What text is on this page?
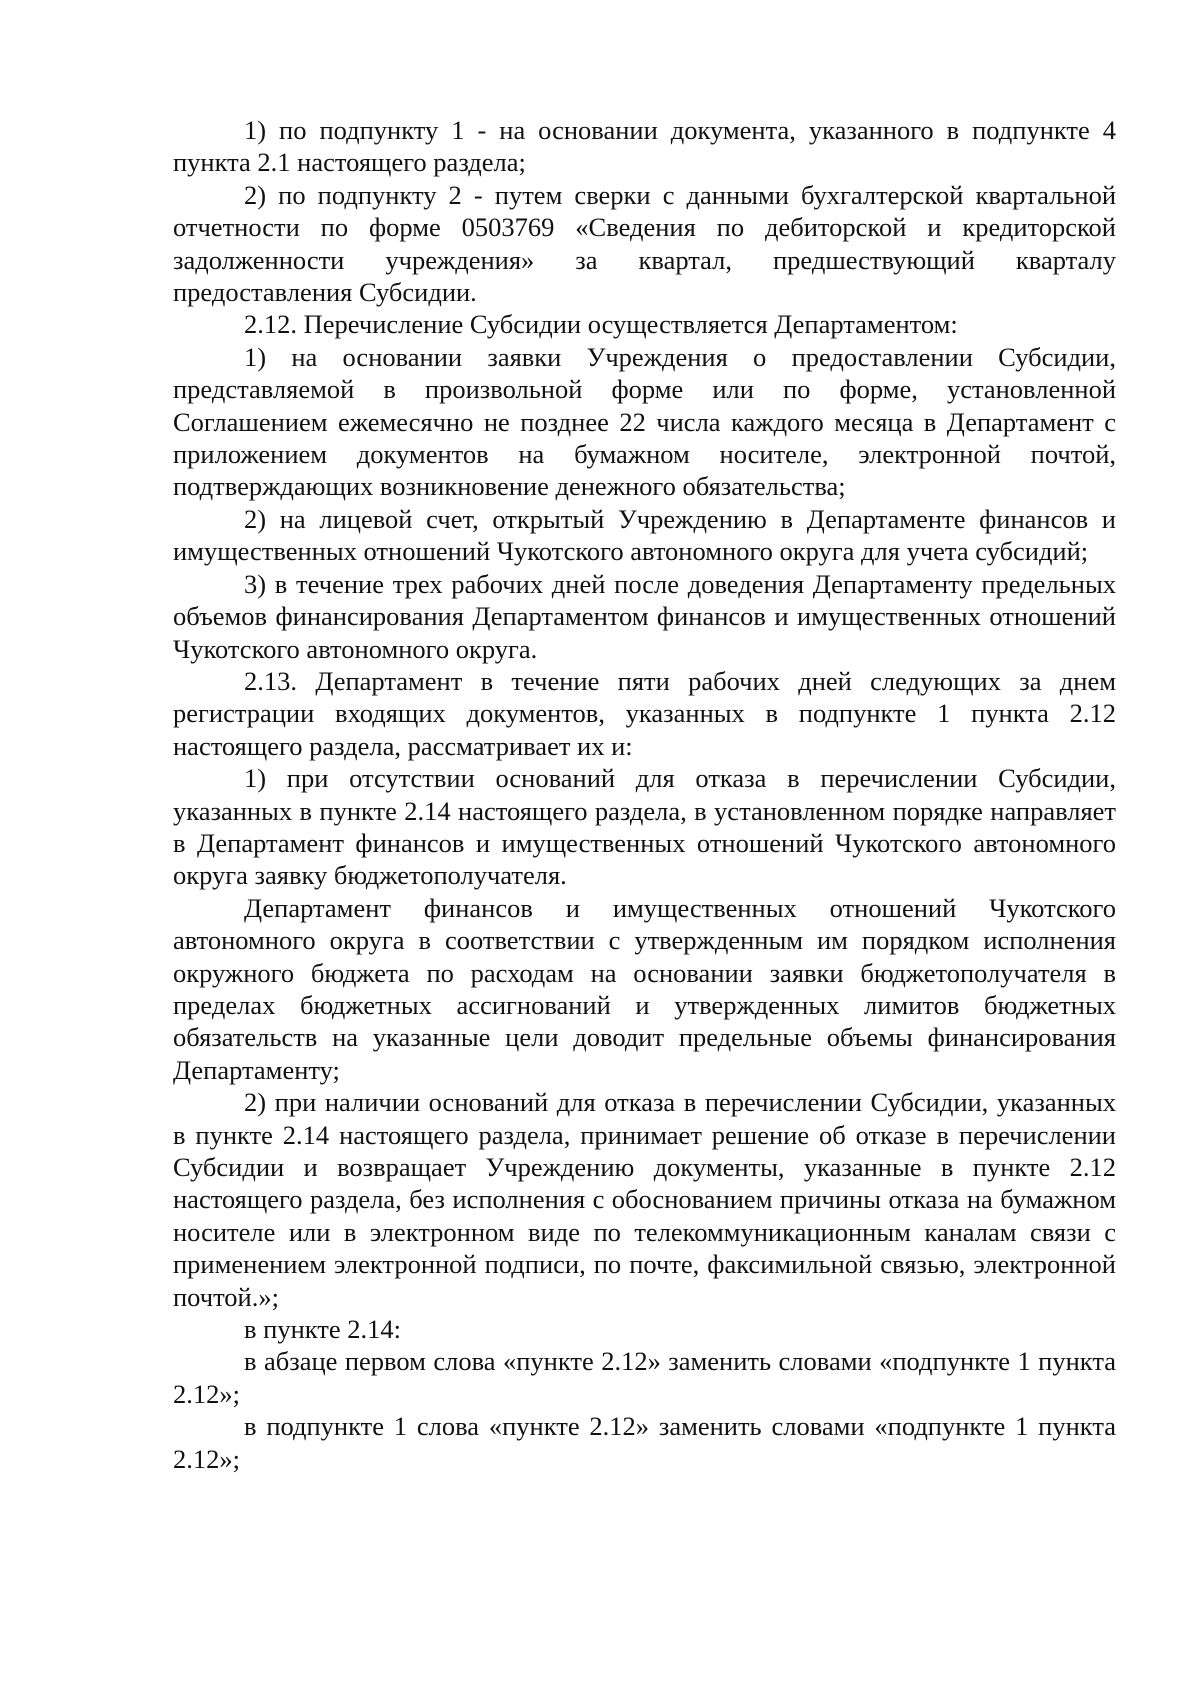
1) по подпункту 1 - на основании документа, указанного в подпункте 4 пункта 2.1 настоящего раздела;

2) по подпункту 2 - путем сверки с данными бухгалтерской квартальной отчетности по форме 0503769 «Сведения по дебиторской и кредиторской задолженности учреждения» за квартал, предшествующий кварталу предоставления Субсидии.

2.12. Перечисление Субсидии осуществляется Департаментом:

1) на основании заявки Учреждения о предоставлении Субсидии, представляемой в произвольной форме или по форме, установленной Соглашением ежемесячно не позднее 22 числа каждого месяца в Департамент с приложением документов на бумажном носителе, электронной почтой, подтверждающих возникновение денежного обязательства;

2) на лицевой счет, открытый Учреждению в Департаменте финансов и имущественных отношений Чукотского автономного округа для учета субсидий;

3) в течение трех рабочих дней после доведения Департаменту предельных объемов финансирования Департаментом финансов и имущественных отношений Чукотского автономного округа.

2.13. Департамент в течение пяти рабочих дней следующих за днем регистрации входящих документов, указанных в подпункте 1 пункта 2.12 настоящего раздела, рассматривает их и:

1) при отсутствии оснований для отказа в перечислении Субсидии, указанных в пункте 2.14 настоящего раздела, в установленном порядке направляет в Департамент финансов и имущественных отношений Чукотского автономного округа заявку бюджетополучателя.

Департамент финансов и имущественных отношений Чукотского автономного округа в соответствии с утвержденным им порядком исполнения окружного бюджета по расходам на основании заявки бюджетополучателя в пределах бюджетных ассигнований и утвержденных лимитов бюджетных обязательств на указанные цели доводит предельные объемы финансирования Департаменту;

2) при наличии оснований для отказа в перечислении Субсидии, указанных в пункте 2.14 настоящего раздела, принимает решение об отказе в перечислении Субсидии и возвращает Учреждению документы, указанные в пункте 2.12 настоящего раздела, без исполнения с обоснованием причины отказа на бумажном носителе или в электронном виде по телекоммуникационным каналам связи с применением электронной подписи, по почте, факсимильной связью, электронной почтой.»;

в пункте 2.14:

в абзаце первом слова «пункте 2.12» заменить словами «подпункте 1 пункта 2.12»;

в подпункте 1 слова «пункте 2.12» заменить словами «подпункте 1 пункта 2.12»;
